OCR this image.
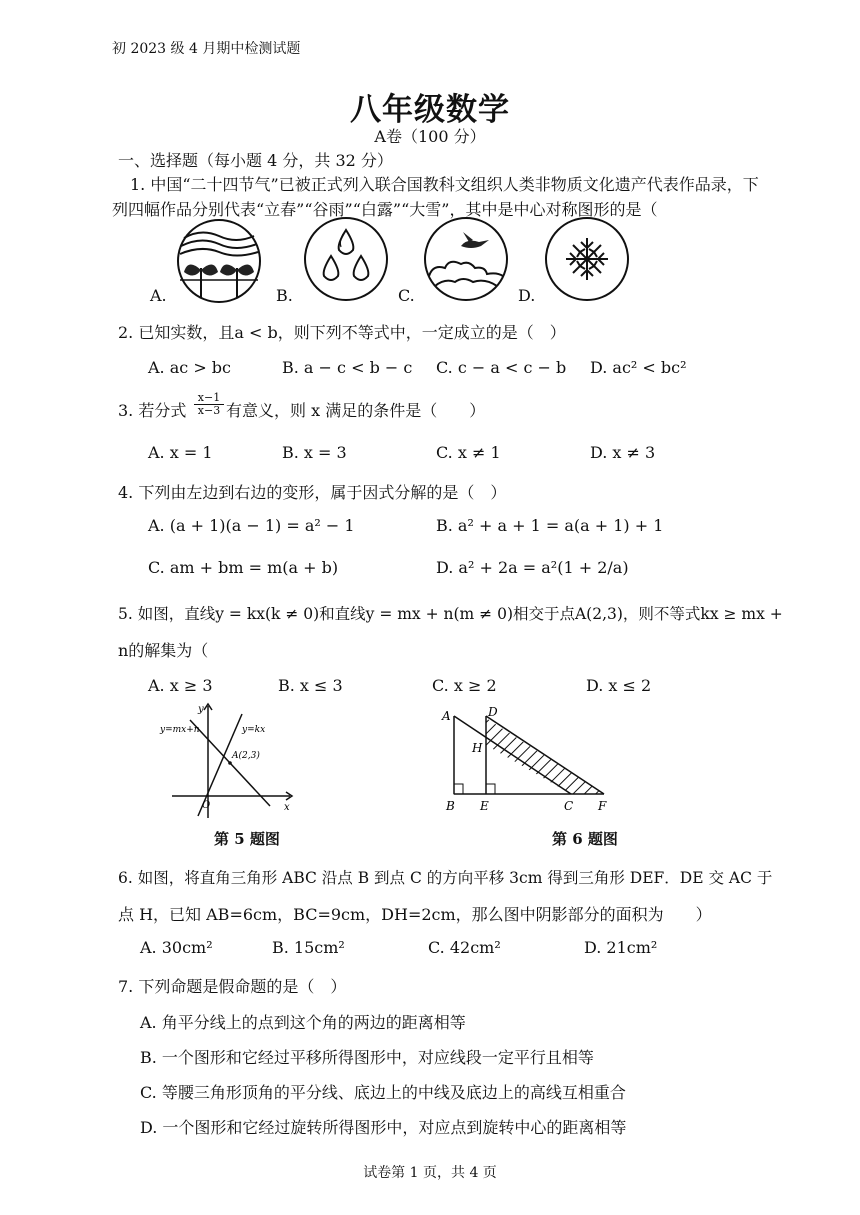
初 2023 级 4 月期中检测试题
八年级数学
A卷（100 分）
一、选择题（每小题 4 分，共 32 分）
1. 中国“二十四节气”已被正式列入联合国教科文组织人类非物质文化遗产代表作品录，下
列四幅作品分别代表“立春”“谷雨”“白露”“大雪”，其中是中心对称图形的是（
A.	B.	C.	D.
2. 已知实数，且a < b，则下列不等式中，一定成立的是（　）
A. ac > bc	B. a − c < b − c C. c − a < c − b D. ac² < bc²
3. 若分式 $\frac{x-1}{x-3}$ 有意义，则 x 满足的条件是（　　）
A. x = 1	B. x = 3	C. x ≠ 1	D. x ≠ 3
4. 下列由左边到右边的变形，属于因式分解的是（　）
A. (a + 1)(a − 1) = a² − 1	B. a² + a + 1 = a(a + 1) + 1
C. am + bm = m(a + b)	D. a² + 2a = a²(1 + 2/a)
5. 如图，直线y = kx(k ≠ 0)和直线y = mx + n(m ≠ 0)相交于点A(2,3)，则不等式kx ≥ mx +
n的解集为（
A. x ≥ 3	B. x ≤ 3	C. x ≥ 2	D. x ≤ 2
y
x
O
y=mx+n	y=kx
A(2,3)
第 5 题图
A
B
D
E
H
C F
第 6 题图
6. 如图，将直角三角形 ABC 沿点 B 到点 C 的方向平移 3cm 得到三角形 DEF．DE 交 AC 于
点 H，已知 AB=6cm，BC=9cm，DH=2cm，那么图中阴影部分的面积为　　）
A. 30cm²	B. 15cm²	C. 42cm²	D. 21cm²
7. 下列命题是假命题的是（　）
A. 角平分线上的点到这个角的两边的距离相等
B. 一个图形和它经过平移所得图形中，对应线段一定平行且相等
C. 等腰三角形顶角的平分线、底边上的中线及底边上的高线互相重合
D. 一个图形和它经过旋转所得图形中，对应点到旋转中心的距离相等
试卷第 1 页，共 4 页
